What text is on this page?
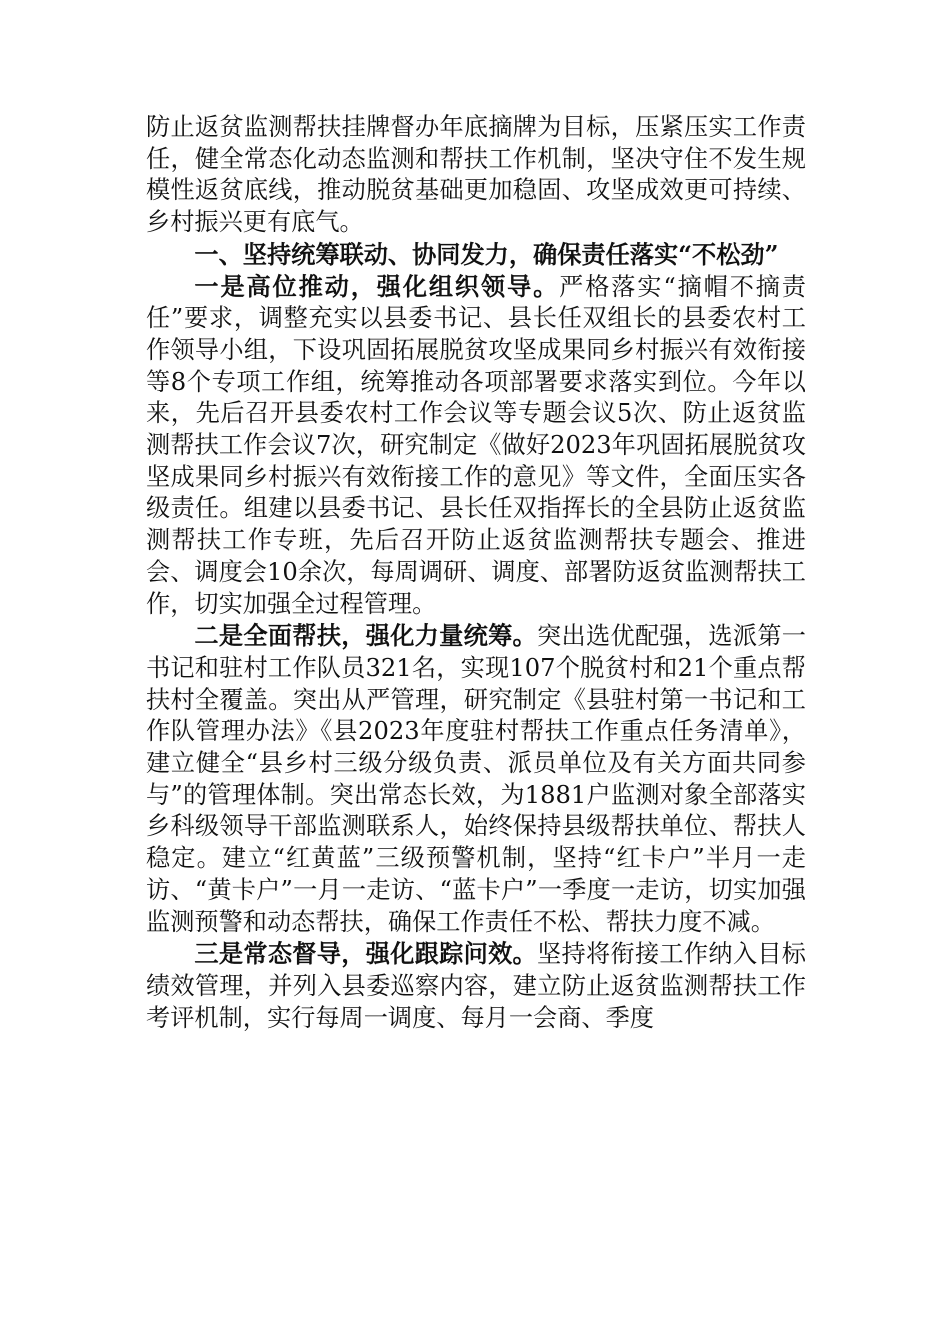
防止返贫监测帮扶挂牌督办年底摘牌为目标，压紧压实工作责任，健全常态化动态监测和帮扶工作机制，坚决守住不发生规模性返贫底线，推动脱贫基础更加稳固、攻坚成效更可持续、乡村振兴更有底气。

一、坚持统筹联动、协同发力，确保责任落实“不松劲”

一是高位推动，强化组织领导。严格落实“摘帽不摘责任”要求，调整充实以县委书记、县长任双组长的县委农村工作领导小组，下设巩固拓展脱贫攻坚成果同乡村振兴有效衔接等8个专项工作组，统筹推动各项部署要求落实到位。今年以来，先后召开县委农村工作会议等专题会议5次、防止返贫监测帮扶工作会议7次，研究制定《做好2023年巩固拓展脱贫攻坚成果同乡村振兴有效衔接工作的意见》等文件，全面压实各级责任。组建以县委书记、县长任双指挥长的全县防止返贫监测帮扶工作专班，先后召开防止返贫监测帮扶专题会、推进会、调度会10余次，每周调研、调度、部署防返贫监测帮扶工作，切实加强全过程管理。

二是全面帮扶，强化力量统筹。突出选优配强，选派第一书记和驻村工作队员321名，实现107个脱贫村和21个重点帮扶村全覆盖。突出从严管理，研究制定《县驻村第一书记和工作队管理办法》《县2023年度驻村帮扶工作重点任务清单》，建立健全“县乡村三级分级负责、派员单位及有关方面共同参与”的管理体制。突出常态长效，为1881户监测对象全部落实乡科级领导干部监测联系人，始终保持县级帮扶单位、帮扶人稳定。建立“红黄蓝”三级预警机制，坚持“红卡户”半月一走访、“黄卡户”一月一走访、“蓝卡户”一季度一走访，切实加强监测预警和动态帮扶，确保工作责任不松、帮扶力度不减。

三是常态督导，强化跟踪问效。坚持将衔接工作纳入目标绩效管理，并列入县委巡察内容，建立防止返贫监测帮扶工作考评机制，实行每周一调度、每月一会商、季度
